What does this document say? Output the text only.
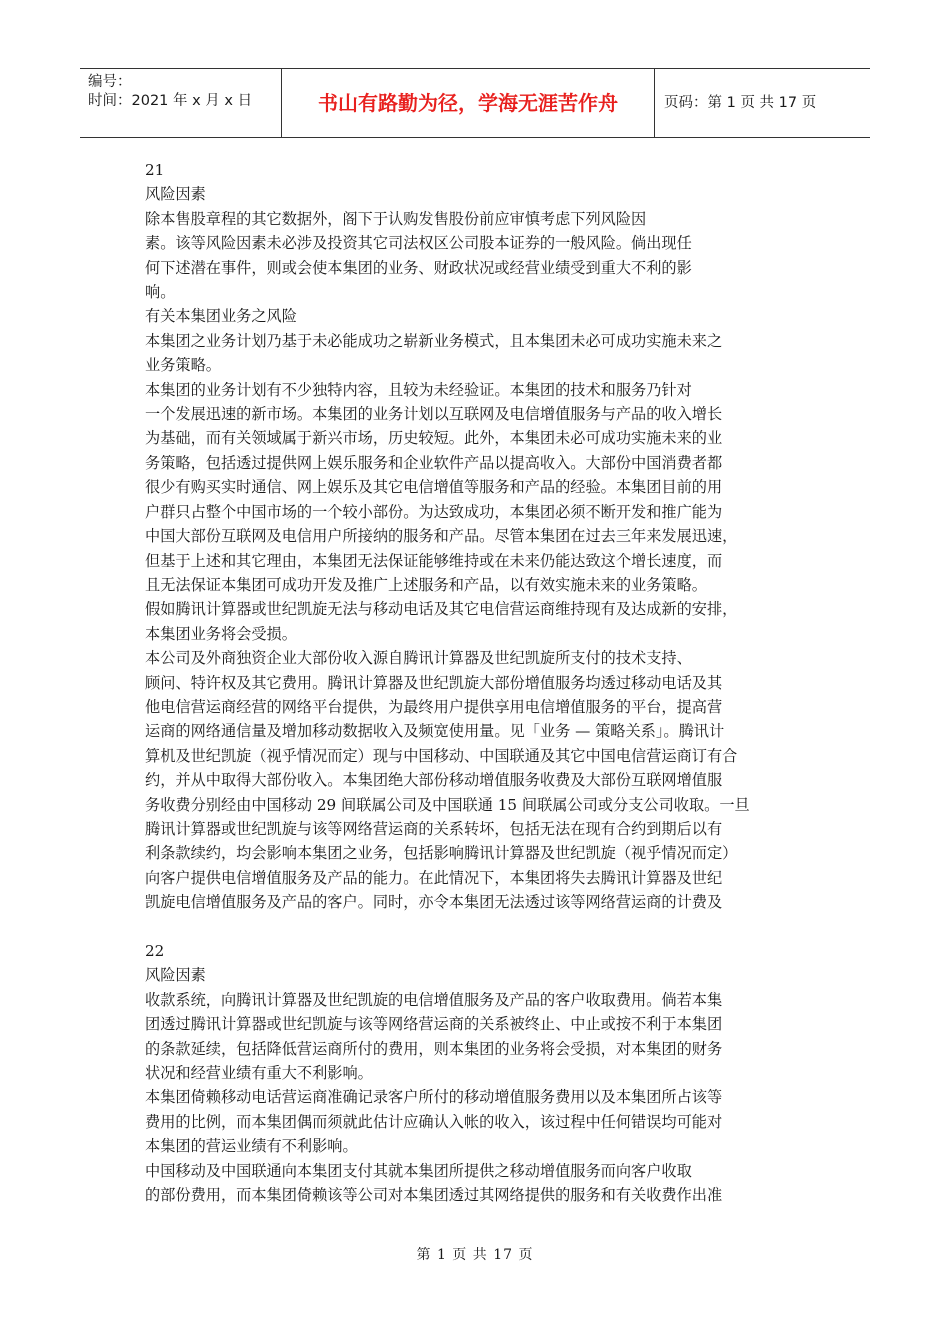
编号：
时间：2021 年 x 月 x 日	书山有路勤为径，学海无涯苦作舟	页码：第 1 页 共 17 页

21

风险因素

除本售股章程的其它数据外，阁下于认购发售股份前应审慎考虑下列风险因

素。该等风险因素未必涉及投资其它司法权区公司股本证券的一般风险。倘出现任

何下述潜在事件，则或会使本集团的业务、财政状况或经营业绩受到重大不利的影

响。

有关本集团业务之风险

本集团之业务计划乃基于未必能成功之崭新业务模式，且本集团未必可成功实施未来之

业务策略。

本集团的业务计划有不少独特内容，且较为未经验证。本集团的技术和服务乃针对

一个发展迅速的新市场。本集团的业务计划以互联网及电信增值服务与产品的收入增长

为基础，而有关领域属于新兴市场，历史较短。此外，本集团未必可成功实施未来的业

务策略，包括透过提供网上娱乐服务和企业软件产品以提高收入。大部份中国消费者都

很少有购买实时通信、网上娱乐及其它电信增值等服务和产品的经验。本集团目前的用

户群只占整个中国市场的一个较小部份。为达致成功，本集团必须不断开发和推广能为

中国大部份互联网及电信用户所接纳的服务和产品。尽管本集团在过去三年来发展迅速，

但基于上述和其它理由，本集团无法保证能够维持或在未来仍能达致这个增长速度，而

且无法保证本集团可成功开发及推广上述服务和产品，以有效实施未来的业务策略。

假如腾讯计算器或世纪凯旋无法与移动电话及其它电信营运商维持现有及达成新的安排，

本集团业务将会受损。

本公司及外商独资企业大部份收入源自腾讯计算器及世纪凯旋所支付的技术支持、

顾问、特许权及其它费用。腾讯计算器及世纪凯旋大部份增值服务均透过移动电话及其

他电信营运商经营的网络平台提供，为最终用户提供享用电信增值服务的平台，提高营

运商的网络通信量及增加移动数据收入及频宽使用量。见「业务 — 策略关系」。腾讯计

算机及世纪凯旋（视乎情况而定）现与中国移动、中国联通及其它中国电信营运商订有合

约，并从中取得大部份收入。本集团绝大部份移动增值服务收费及大部份互联网增值服

务收费分别经由中国移动 29 间联属公司及中国联通 15 间联属公司或分支公司收取。一旦

腾讯计算器或世纪凯旋与该等网络营运商的关系转坏，包括无法在现有合约到期后以有

利条款续约，均会影响本集团之业务，包括影响腾讯计算器及世纪凯旋（视乎情况而定）

向客户提供电信增值服务及产品的能力。在此情况下，本集团将失去腾讯计算器及世纪

凯旋电信增值服务及产品的客户。同时，亦令本集团无法透过该等网络营运商的计费及

22

风险因素

收款系统，向腾讯计算器及世纪凯旋的电信增值服务及产品的客户收取费用。倘若本集

团透过腾讯计算器或世纪凯旋与该等网络营运商的关系被终止、中止或按不利于本集团

的条款延续，包括降低营运商所付的费用，则本集团的业务将会受损，对本集团的财务

状况和经营业绩有重大不利影响。

本集团倚赖移动电话营运商准确记录客户所付的移动增值服务费用以及本集团所占该等

费用的比例，而本集团偶而须就此估计应确认入帐的收入，该过程中任何错误均可能对

本集团的营运业绩有不利影响。

中国移动及中国联通向本集团支付其就本集团所提供之移动增值服务而向客户收取

的部份费用，而本集团倚赖该等公司对本集团透过其网络提供的服务和有关收费作出准

第 1 页 共 17 页
